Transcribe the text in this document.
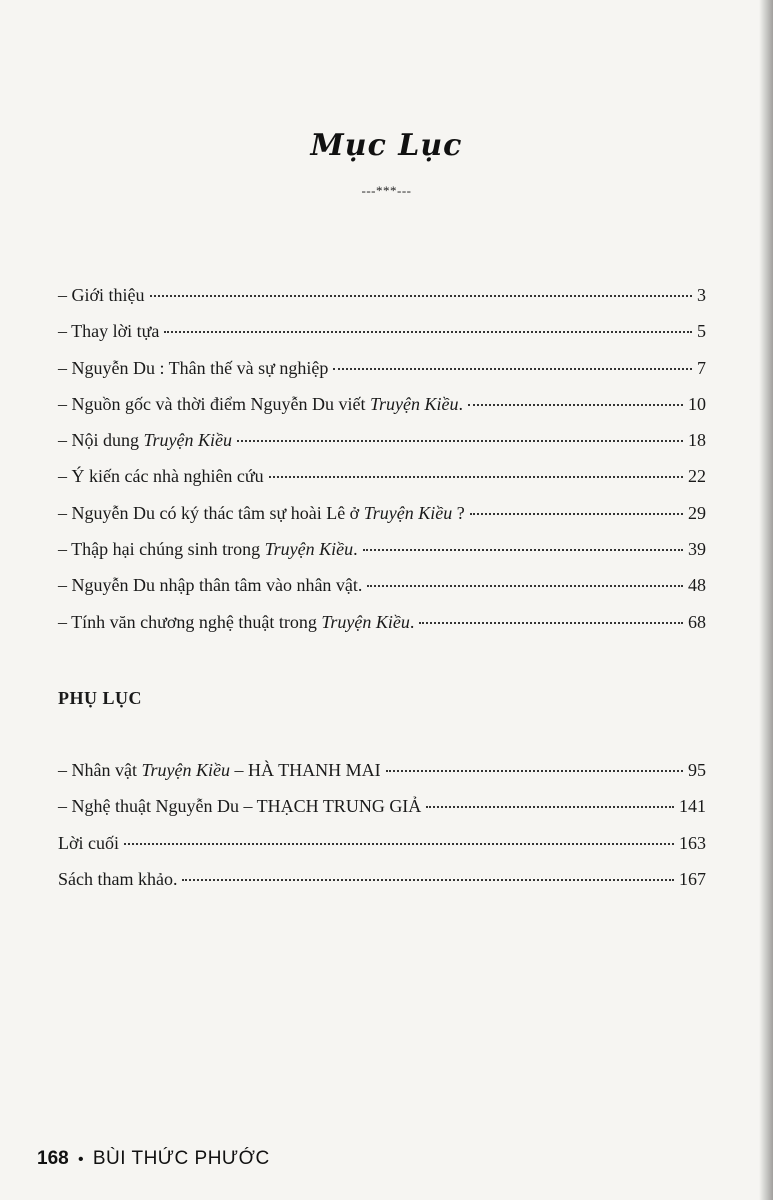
Mục Lục
---***---
– Giới thiệu	3
– Thay lời tựa	5
– Nguyễn Du : Thân thế và sự nghiệp	7
– Nguồn gốc và thời điểm Nguyễn Du viết Truyện Kiều.	10
– Nội dung Truyện Kiều	18
– Ý kiến các nhà nghiên cứu	22
– Nguyễn Du có ký thác tâm sự hoài Lê ở Truyện Kiều ?	29
– Thập hại chúng sinh trong Truyện Kiều.	39
– Nguyễn Du nhập thân tâm vào nhân vật.	48
– Tính văn chương nghệ thuật trong Truyện Kiều.	68
PHỤ LỤC
– Nhân vật Truyện Kiều – HÀ THANH MAI	95
– Nghệ thuật Nguyễn Du – THẠCH TRUNG GIẢ	141
Lời cuối	163
Sách tham khảo.	167
168 • BÙI THỨC PHƯỚC
